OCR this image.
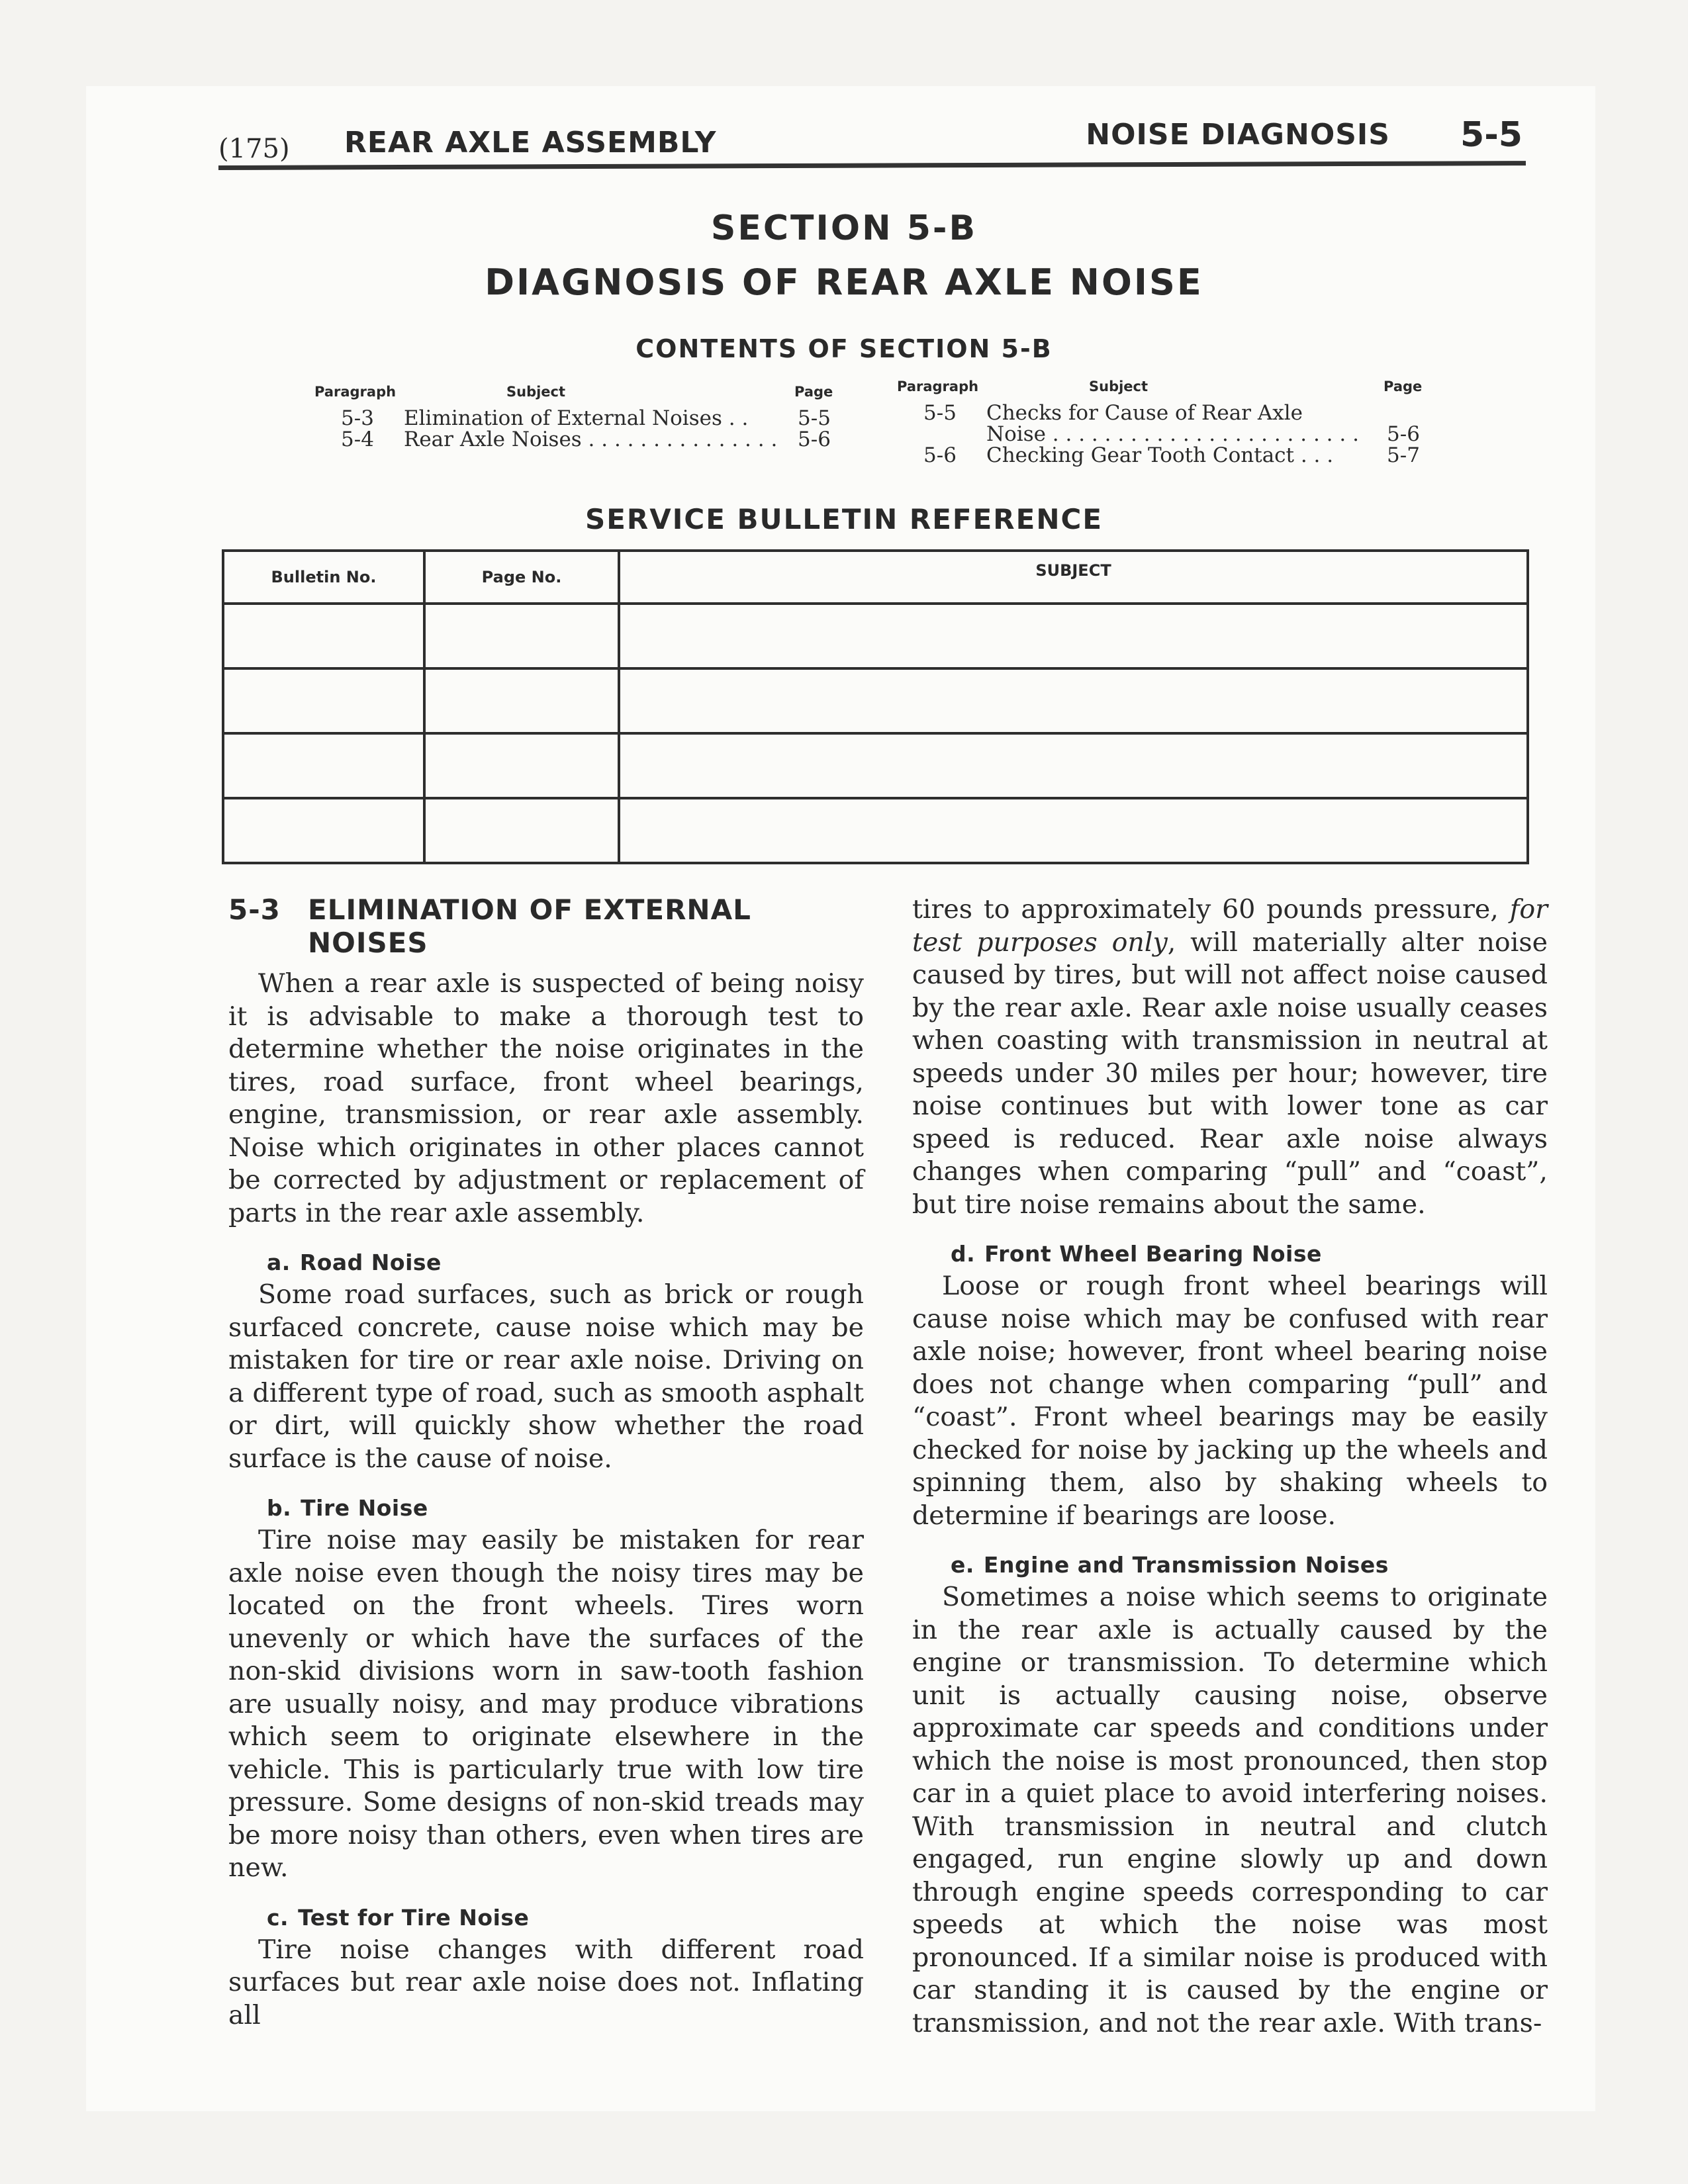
(175) REAR AXLE ASSEMBLY	NOISE DIAGNOSIS 5-5
SECTION 5-B
DIAGNOSIS OF REAR AXLE NOISE
CONTENTS OF SECTION 5-B
Paragraph	Subject	Page
5-3 Elimination of External Noises . . 5-5
5-4 Rear Axle Noises . . . . . . . . . . . . . . . 5-6
Paragraph	Subject	Page
5-5 Checks for Cause of Rear Axle
Noise . . . . . . . . . . . . . . . . . . . . . . . . 5-6
5-6 Checking Gear Tooth Contact . . .	5-7
SERVICE BULLETIN REFERENCE
Bulletin No.	Page No.	SUBJECT

5-3 ELIMINATION OF EXTERNAL
NOISES

When a rear axle is suspected of being noisy it is advisable to make a thorough test to determine whether the noise originates in the tires, road surface, front wheel bearings, engine, transmission, or rear axle assembly. Noise which originates in other places cannot be corrected by adjustment or replacement of parts in the rear axle assembly.

a. Road Noise

Some road surfaces, such as brick or rough surfaced concrete, cause noise which may be mistaken for tire or rear axle noise. Driving on a different type of road, such as smooth asphalt or dirt, will quickly show whether the road surface is the cause of noise.

b. Tire Noise

Tire noise may easily be mistaken for rear axle noise even though the noisy tires may be located on the front wheels. Tires worn unevenly or which have the surfaces of the non-skid divisions worn in saw-tooth fashion are usually noisy, and may produce vibrations which seem to originate elsewhere in the vehicle. This is particularly true with low tire pressure. Some designs of non-skid treads may be more noisy than others, even when tires are new.

c. Test for Tire Noise

Tire noise changes with different road surfaces but rear axle noise does not. Inflating all

tires to approximately 60 pounds pressure, for test purposes only, will materially alter noise caused by tires, but will not affect noise caused by the rear axle. Rear axle noise usually ceases when coasting with transmission in neutral at speeds under 30 miles per hour; however, tire noise continues but with lower tone as car speed is reduced. Rear axle noise always changes when comparing “pull” and “coast”, but tire noise remains about the same.

d. Front Wheel Bearing Noise

Loose or rough front wheel bearings will cause noise which may be confused with rear axle noise; however, front wheel bearing noise does not change when comparing “pull” and “coast”. Front wheel bearings may be easily checked for noise by jacking up the wheels and spinning them, also by shaking wheels to determine if bearings are loose.

e. Engine and Transmission Noises

Sometimes a noise which seems to originate in the rear axle is actually caused by the engine or transmission. To determine which unit is actually causing noise, observe approximate car speeds and conditions under which the noise is most pronounced, then stop car in a quiet place to avoid interfering noises. With transmission in neutral and clutch engaged, run engine slowly up and down through engine speeds corresponding to car speeds at which the noise was most pronounced. If a similar noise is produced with car standing it is caused by the engine or transmission, and not the rear axle. With trans-
